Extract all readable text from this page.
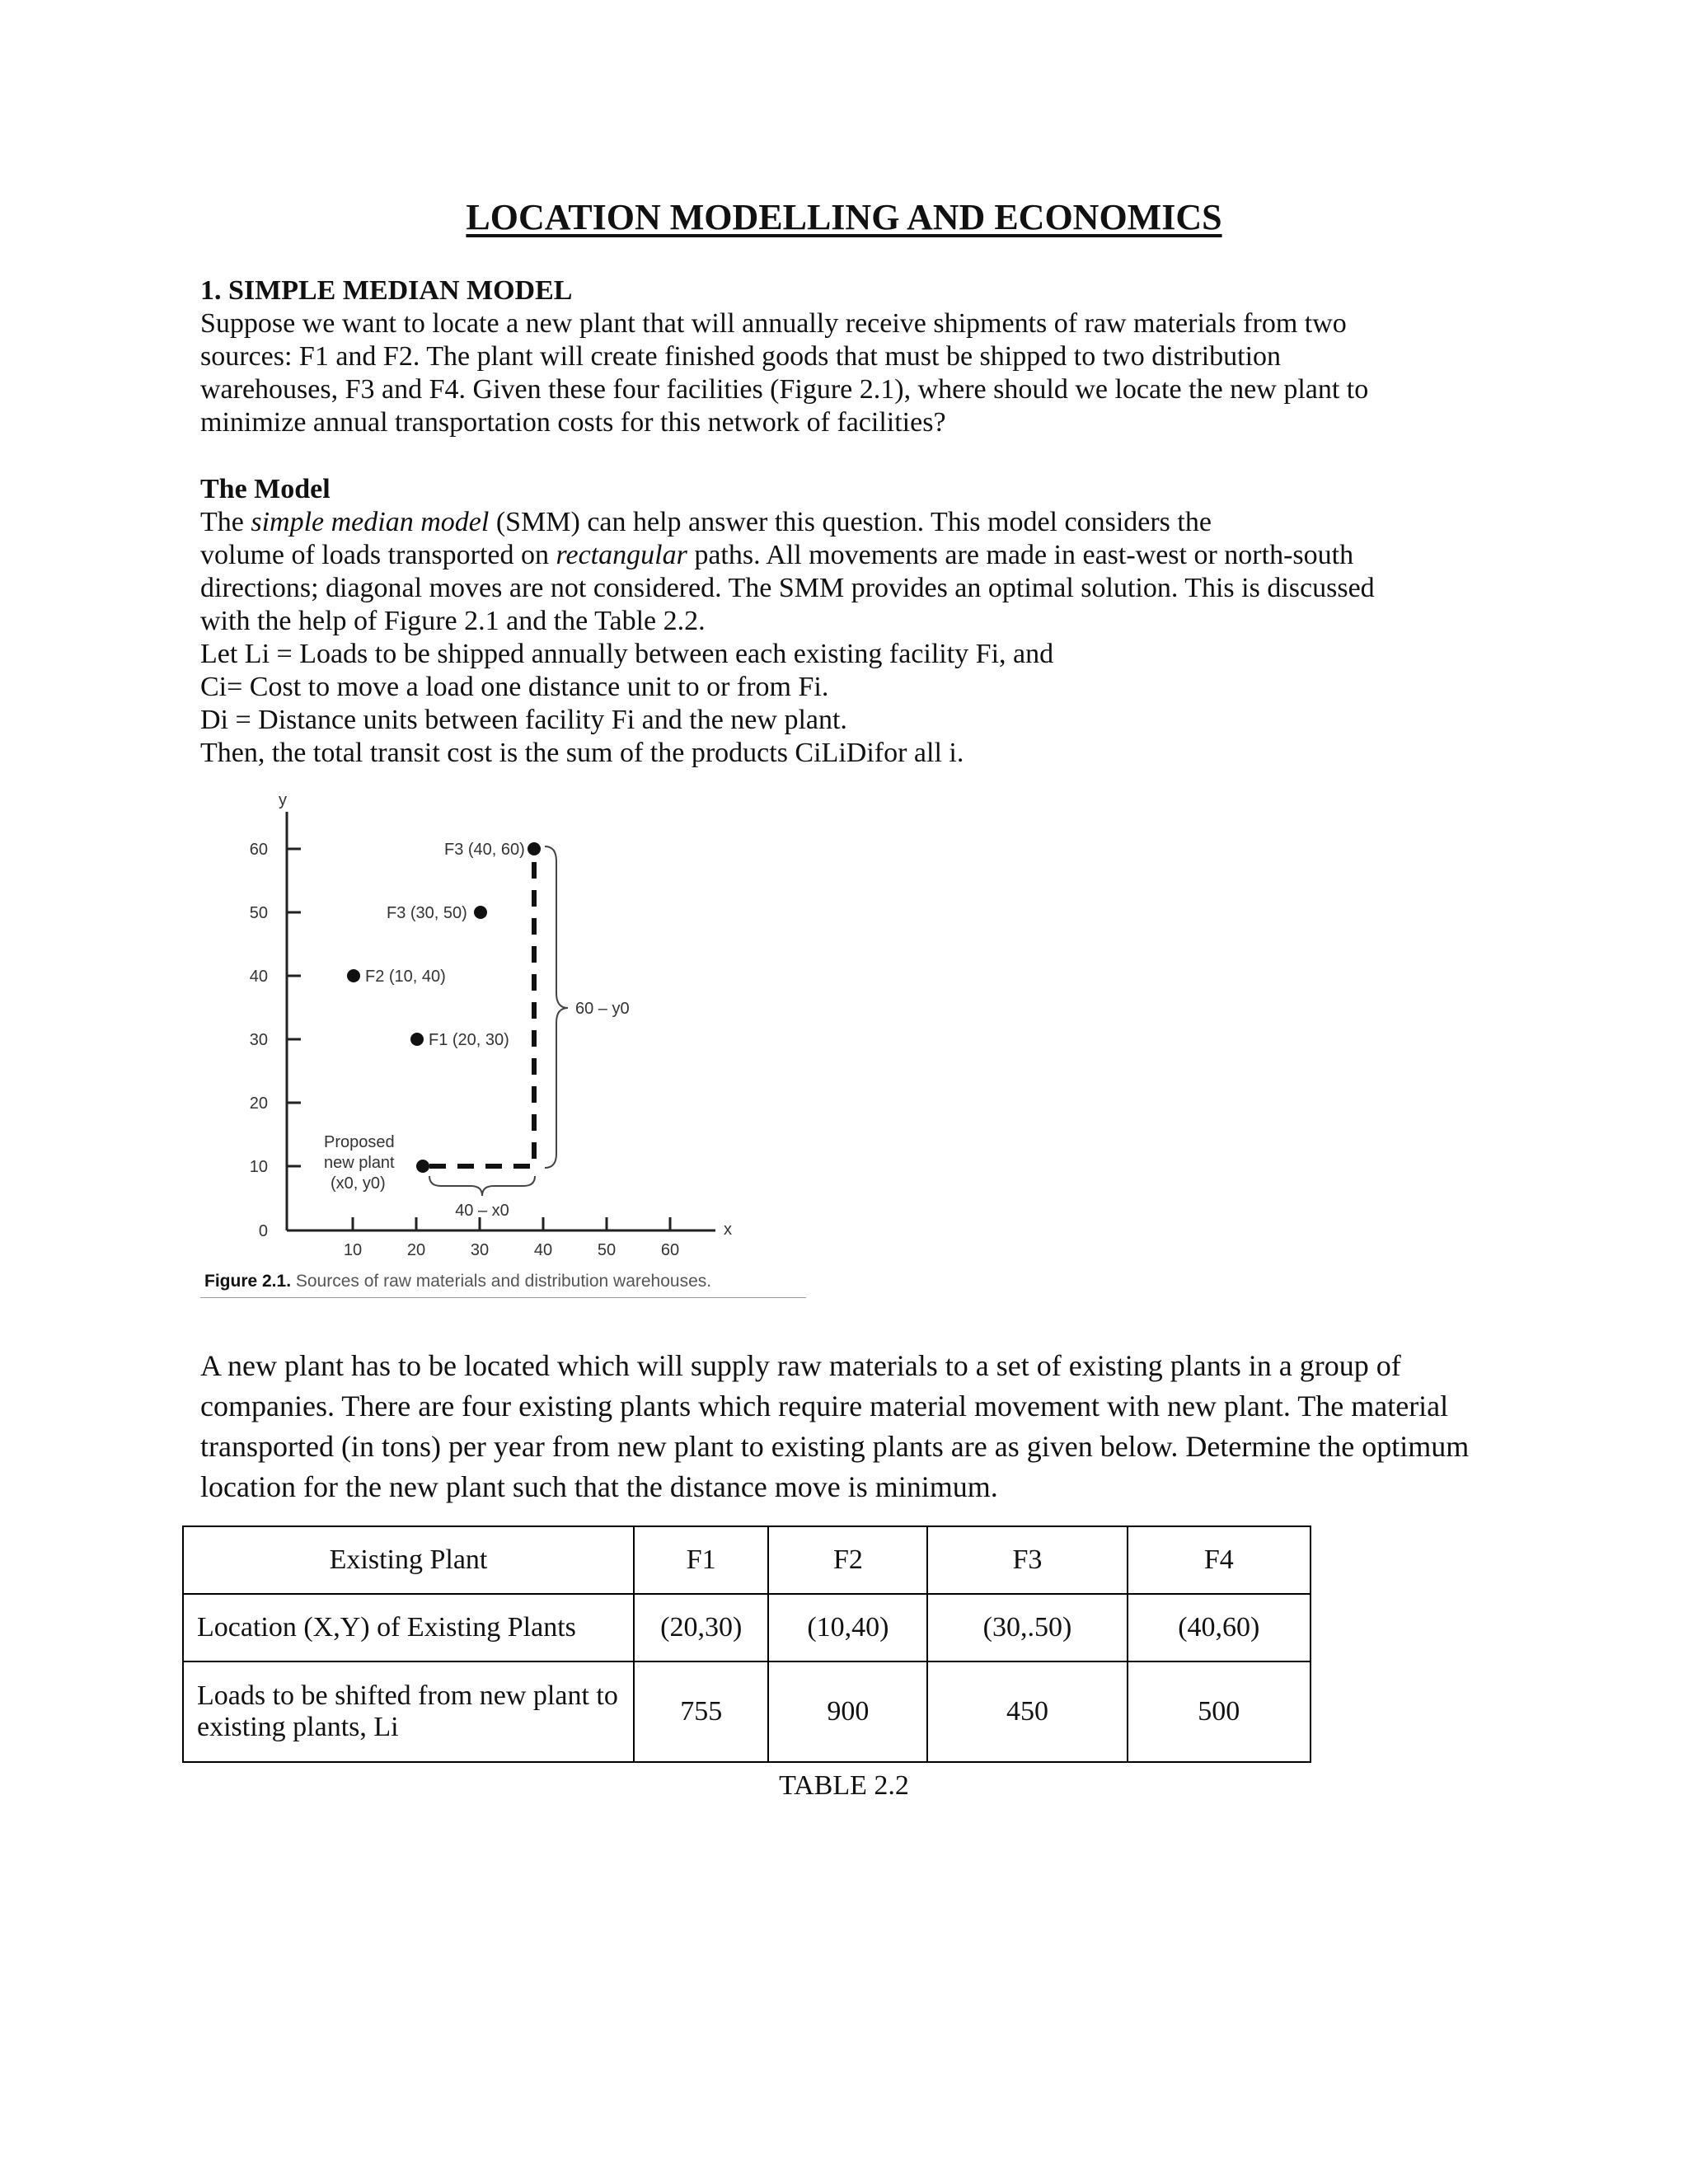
LOCATION MODELLING AND ECONOMICS
1. SIMPLE MEDIAN MODEL
Suppose we want to locate a new plant that will annually receive shipments of raw materials from two
sources: F1 and F2. The plant will create finished goods that must be shipped to two distribution
warehouses, F3 and F4. Given these four facilities (Figure 2.1), where should we locate the new plant to
minimize annual transportation costs for this network of facilities?
The Model
The simple median model (SMM) can help answer this question. This model considers the
volume of loads transported on rectangular paths. All movements are made in east-west or north-south
directions; diagonal moves are not considered. The SMM provides an optimal solution. This is discussed
with the help of Figure 2.1 and the Table 2.2.
Let Li = Loads to be shipped annually between each existing facility Fi, and
Ci= Cost to move a load one distance unit to or from Fi.
Di = Distance units between facility Fi and the new plant.
Then, the total transit cost is the sum of the products CiLiDifor all i.
y
x
60
50
40
30
20
10
0
10	20	30	40	50	60
60 – y0
40 – x0
F2 (10, 40)
F1 (20, 30)
F3 (30, 50)
F3 (40, 60)
Proposed
new plant
(x0, y0)
Figure 2.1. Sources of raw materials and distribution warehouses.

A new plant has to be located which will supply raw materials to a set of existing plants in a group of companies. There are four existing plants which require material movement with new plant. The material transported (in tons) per year from new plant to existing plants are as given below. Determine the optimum location for the new plant such that the distance move is minimum.

Existing Plant	F1	F2	F3	F4
Location (X,Y) of Existing Plants	(20,30)	(10,40)	(30,.50)	(40,60)
Loads to be shifted from new plant to existing plants, Li	755	900	450	500
TABLE 2.2
